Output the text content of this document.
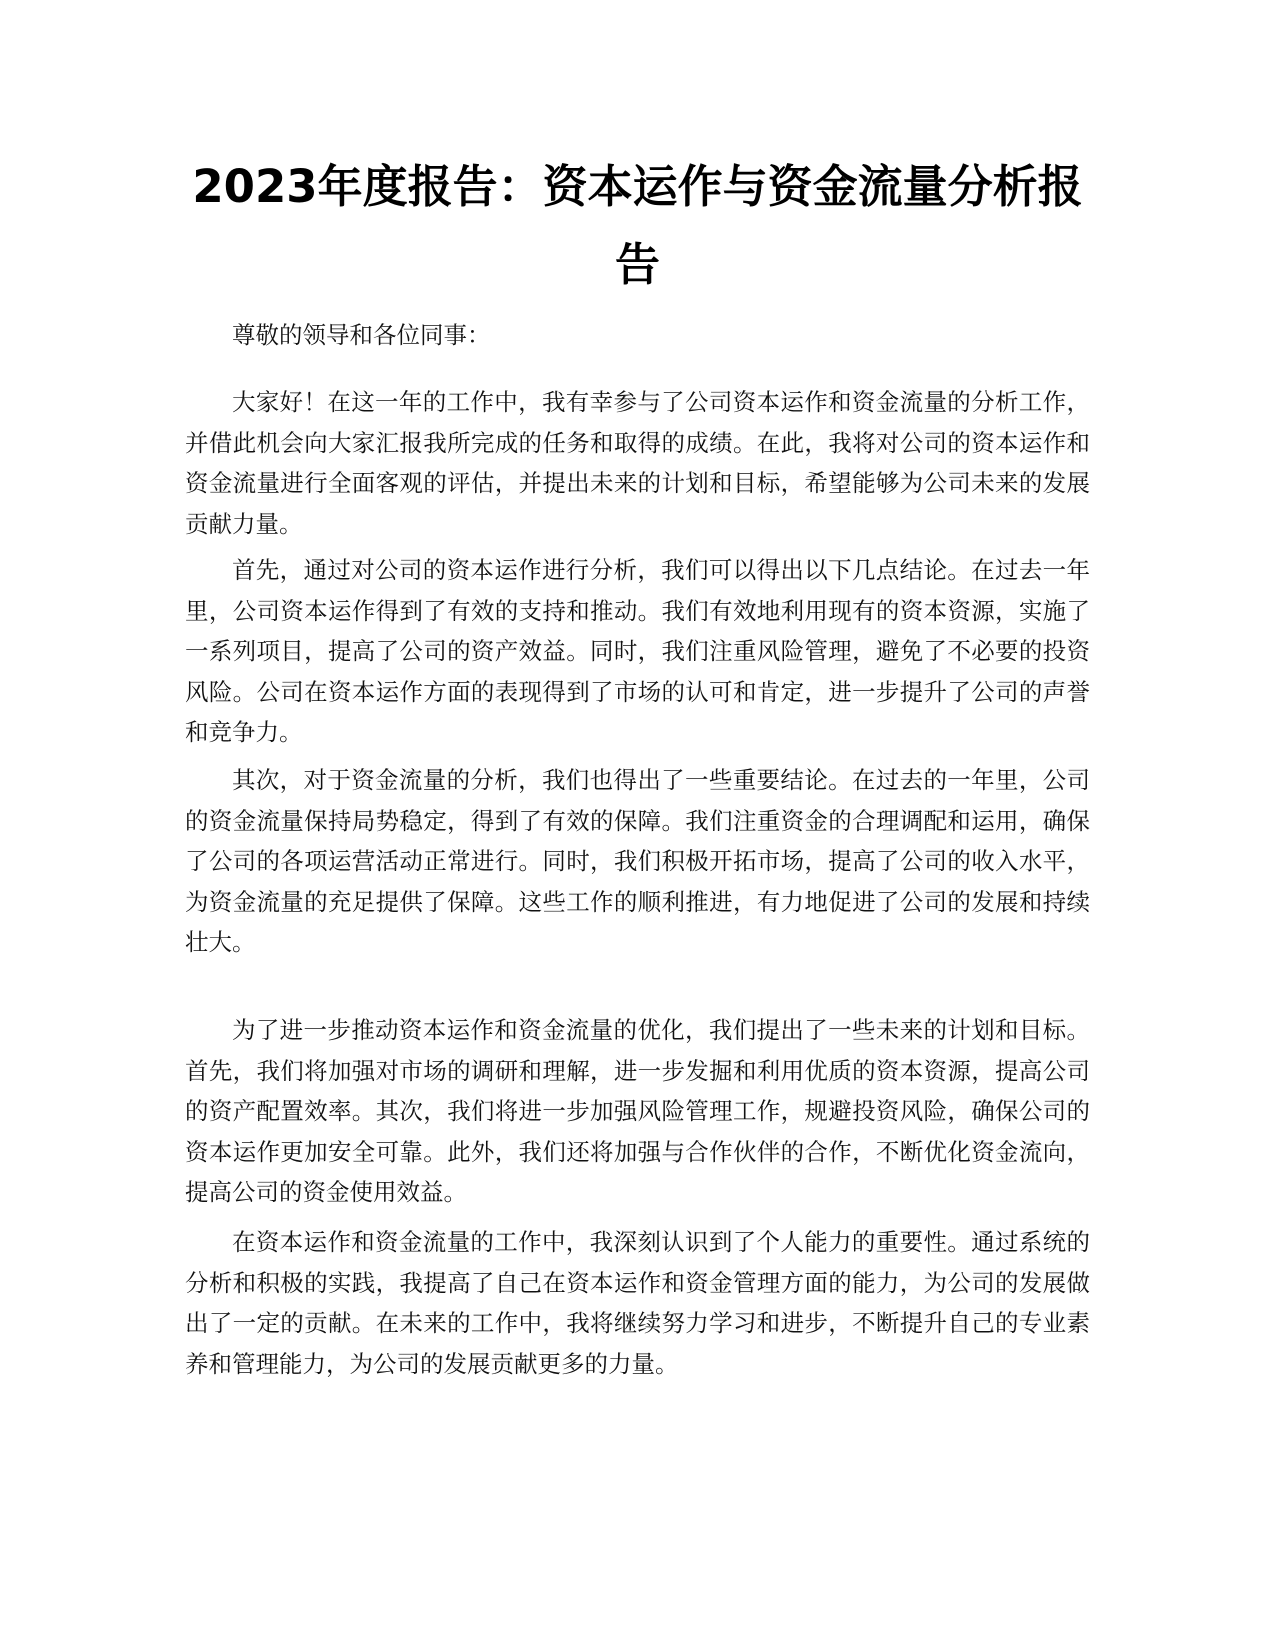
2023年度报告：资本运作与资金流量分析报告

尊敬的领导和各位同事：

大家好！在这一年的工作中，我有幸参与了公司资本运作和资金流量的分析工作，并借此机会向大家汇报我所完成的任务和取得的成绩。在此，我将对公司的资本运作和资金流量进行全面客观的评估，并提出未来的计划和目标，希望能够为公司未来的发展贡献力量。

首先，通过对公司的资本运作进行分析，我们可以得出以下几点结论。在过去一年里，公司资本运作得到了有效的支持和推动。我们有效地利用现有的资本资源，实施了一系列项目，提高了公司的资产效益。同时，我们注重风险管理，避免了不必要的投资风险。公司在资本运作方面的表现得到了市场的认可和肯定，进一步提升了公司的声誉和竞争力。

其次，对于资金流量的分析，我们也得出了一些重要结论。在过去的一年里，公司的资金流量保持局势稳定，得到了有效的保障。我们注重资金的合理调配和运用，确保了公司的各项运营活动正常进行。同时，我们积极开拓市场，提高了公司的收入水平，为资金流量的充足提供了保障。这些工作的顺利推进，有力地促进了公司的发展和持续壮大。

为了进一步推动资本运作和资金流量的优化，我们提出了一些未来的计划和目标。首先，我们将加强对市场的调研和理解，进一步发掘和利用优质的资本资源，提高公司的资产配置效率。其次，我们将进一步加强风险管理工作，规避投资风险，确保公司的资本运作更加安全可靠。此外，我们还将加强与合作伙伴的合作，不断优化资金流向，提高公司的资金使用效益。

在资本运作和资金流量的工作中，我深刻认识到了个人能力的重要性。通过系统的分析和积极的实践，我提高了自己在资本运作和资金管理方面的能力，为公司的发展做出了一定的贡献。在未来的工作中，我将继续努力学习和进步，不断提升自己的专业素养和管理能力，为公司的发展贡献更多的力量。
